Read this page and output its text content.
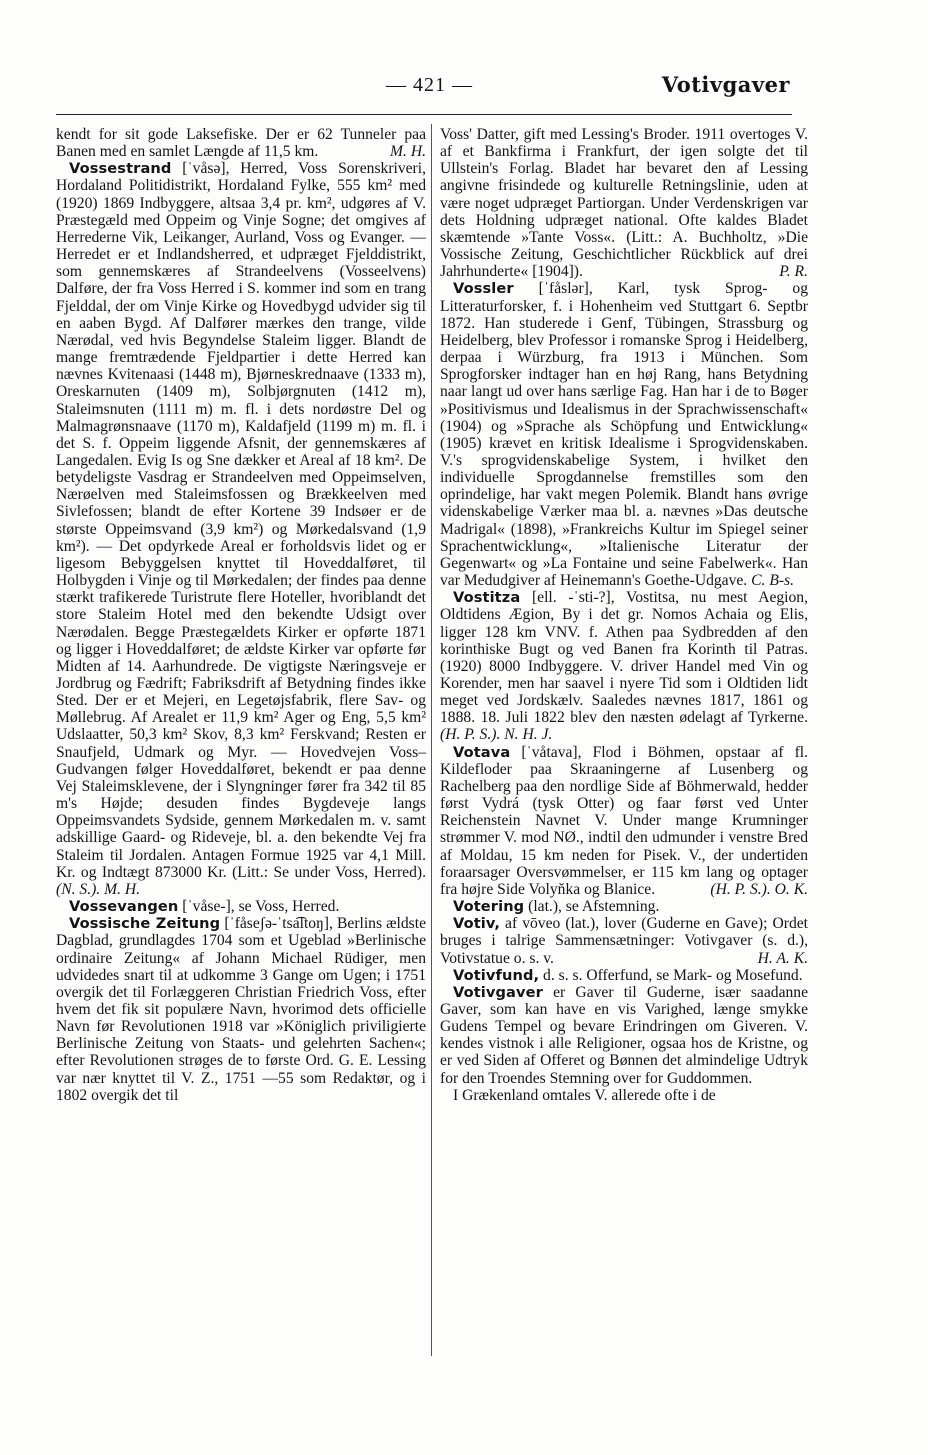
— 421 —	Votivgaver

kendt for sit gode Laksefiske. Der er 62 Tunneler paa Banen med en samlet Længde af 11,5 km.	M. H.

Vossestrand [ˈvåsə], Herred, Voss Sorenskriveri, Hordaland Politidistrikt, Hordaland Fylke, 555 km² med (1920) 1869 Indbyggere, altsaa 3,4 pr. km², udgøres af V. Præstegæld med Oppeim og Vinje Sogne; det omgives af Herrederne Vik, Leikanger, Aurland, Voss og Evanger. — Herredet er et Indlandsherred, et udpræget Fjelddistrikt, som gennemskæres af Strandeelvens (Vosseelvens) Dalføre, der fra Voss Herred i S. kommer ind som en trang Fjelddal, der om Vinje Kirke og Hovedbygd udvider sig til en aaben Bygd. Af Dalfører mærkes den trange, vilde Nærødal, ved hvis Begyndelse Staleim ligger. Blandt de mange fremtrædende Fjeldpartier i dette Herred kan nævnes Kvitenaasi (1448 m), Bjørneskrednaave (1333 m), Oreskarnuten (1409 m), Solbjørgnuten (1412 m), Staleimsnuten (1111 m) m. fl. i dets nordøstre Del og Malmagrønsnaave (1170 m), Kaldafjeld (1199 m) m. fl. i det S. f. Oppeim liggende Afsnit, der gennemskæres af Langedalen. Evig Is og Sne dækker et Areal af 18 km². De betydeligste Vasdrag er Strandeelven med Oppeimselven, Nærøelven med Staleimsfossen og Brækkeelven med Sivlefossen; blandt de efter Kortene 39 Indsøer er de største Oppeimsvand (3,9 km²) og Mørkedalsvand (1,9 km²). — Det opdyrkede Areal er forholdsvis lidet og er ligesom Bebyggelsen knyttet til Hoveddalføret, til Holbygden i Vinje og til Mørkedalen; der findes paa denne stærkt trafikerede Turistrute flere Hoteller, hvoriblandt det store Staleim Hotel med den bekendte Udsigt over Nærødalen. Begge Præstegældets Kirker er opførte 1871 og ligger i Hoveddalføret; de ældste Kirker var opførte før Midten af 14. Aarhundrede. De vigtigste Næringsveje er Jordbrug og Fædrift; Fabriksdrift af Betydning findes ikke Sted. Der er et Mejeri, en Legetøjsfabrik, flere Sav- og Møllebrug. Af Arealet er 11,9 km² Ager og Eng, 5,5 km² Udslaatter, 50,3 km² Skov, 8,3 km² Ferskvand; Resten er Snaufjeld, Udmark og Myr. — Hovedvejen Voss–Gudvangen følger Hoveddalføret, bekendt er paa denne Vej Staleimsklevene, der i Slyngninger fører fra 342 til 85 m's Højde; desuden findes Bygdeveje langs Oppeimsvandets Sydside, gennem Mørkedalen m. v. samt adskillige Gaard- og Rideveje, bl. a. den bekendte Vej fra Staleim til Jordalen. Antagen Formue 1925 var 4,1 Mill. Kr. og Indtægt 873000 Kr. (Litt.: Se under Voss, Herred). (N. S.). M. H.

Vossevangen [ˈvåse-], se Voss, Herred.

Vossische Zeitung [ˈfåseʃə-ˈtsa͡ltoŋ], Berlins ældste Dagblad, grundlagdes 1704 som et Ugeblad »Berlinische ordinaire Zeitung« af Johann Michael Rüdiger, men udvidedes snart til at udkomme 3 Gange om Ugen; i 1751 overgik det til Forlæggeren Christian Friedrich Voss, efter hvem det fik sit populære Navn, hvorimod dets officielle Navn før Revolutionen 1918 var »Königlich priviligierte Berlinische Zeitung von Staats- und gelehrten Sachen«; efter Revolutionen strøges de to første Ord. G. E. Lessing var nær knyttet til V. Z., 1751 —55 som Redaktør, og i 1802 overgik det til

Voss' Datter, gift med Lessing's Broder. 1911 overtoges V. af et Bankfirma i Frankfurt, der igen solgte det til Ullstein's Forlag. Bladet har bevaret den af Lessing angivne frisindede og kulturelle Retningslinie, uden at være noget udpræget Partiorgan. Under Verdenskrigen var dets Holdning udpræget national. Ofte kaldes Bladet skæmtende »Tante Voss«. (Litt.: A. Buchholtz, »Die Vossische Zeitung, Geschichtlicher Rückblick auf drei Jahrhunderte« [1904]).	P. R.

Vossler [ˈfåslər], Karl, tysk Sprog- og Litteraturforsker, f. i Hohenheim ved Stuttgart 6. Septbr 1872. Han studerede i Genf, Tübingen, Strassburg og Heidelberg, blev Professor i romanske Sprog i Heidelberg, derpaa i Würzburg, fra 1913 i München. Som Sprogforsker indtager han en høj Rang, hans Betydning naar langt ud over hans særlige Fag. Han har i de to Bøger »Positivismus und Idealismus in der Sprachwissenschaft« (1904) og »Sprache als Schöpfung und Entwicklung« (1905) krævet en kritisk Idealisme i Sprogvidenskaben. V.'s sprogvidenskabelige System, i hvilket den individuelle Sprogdannelse fremstilles som den oprindelige, har vakt megen Polemik. Blandt hans øvrige videnskabelige Værker maa bl. a. nævnes »Das deutsche Madrigal« (1898), »Frankreichs Kultur im Spiegel seiner Sprachentwicklung«, »Italienische Literatur der Gegenwart« og »La Fontaine und seine Fabelwerk«. Han var Medudgiver af Heinemann's Goethe-Udgave. C. B-s.

Vostitza [ell. -ˈsti-?], Vostitsa, nu mest Aegion, Oldtidens Ægion, By i det gr. Nomos Achaia og Elis, ligger 128 km VNV. f. Athen paa Sydbredden af den korinthiske Bugt og ved Banen fra Korinth til Patras. (1920) 8000 Indbyggere. V. driver Handel med Vin og Korender, men har saavel i nyere Tid som i Oldtiden lidt meget ved Jordskælv. Saaledes nævnes 1817, 1861 og 1888. 18. Juli 1822 blev den næsten ødelagt af Tyrkerne. (H. P. S.). N. H. J.

Votava [ˈvåtava], Flod i Böhmen, opstaar af fl. Kildefloder paa Skraaningerne af Lusenberg og Rachelberg paa den nordlige Side af Böhmerwald, hedder først Vydrá (tysk Otter) og faar først ved Unter Reichenstein Navnet V. Under mange Krumninger strømmer V. mod NØ., indtil den udmunder i venstre Bred af Moldau, 15 km neden for Pisek. V., der undertiden foraarsager Oversvømmelser, er 115 km lang og optager fra højre Side Volyňka og Blanice.	(H. P. S.). O. K.

Votering (lat.), se Afstemning.

Votiv, af vōveo (lat.), lover (Guderne en Gave); Ordet bruges i talrige Sammensætninger: Votivgaver (s. d.), Votivstatue o. s. v.	H. A. K.

Votivfund, d. s. s. Offerfund, se Mark- og Mosefund.

Votivgaver er Gaver til Guderne, især saadanne Gaver, som kan have en vis Varighed, længe smykke Gudens Tempel og bevare Erindringen om Giveren. V. kendes vistnok i alle Religioner, ogsaa hos de Kristne, og er ved Siden af Offeret og Bønnen det almindelige Udtryk for den Troendes Stemning over for Guddommen.

I Grækenland omtales V. allerede ofte i de
